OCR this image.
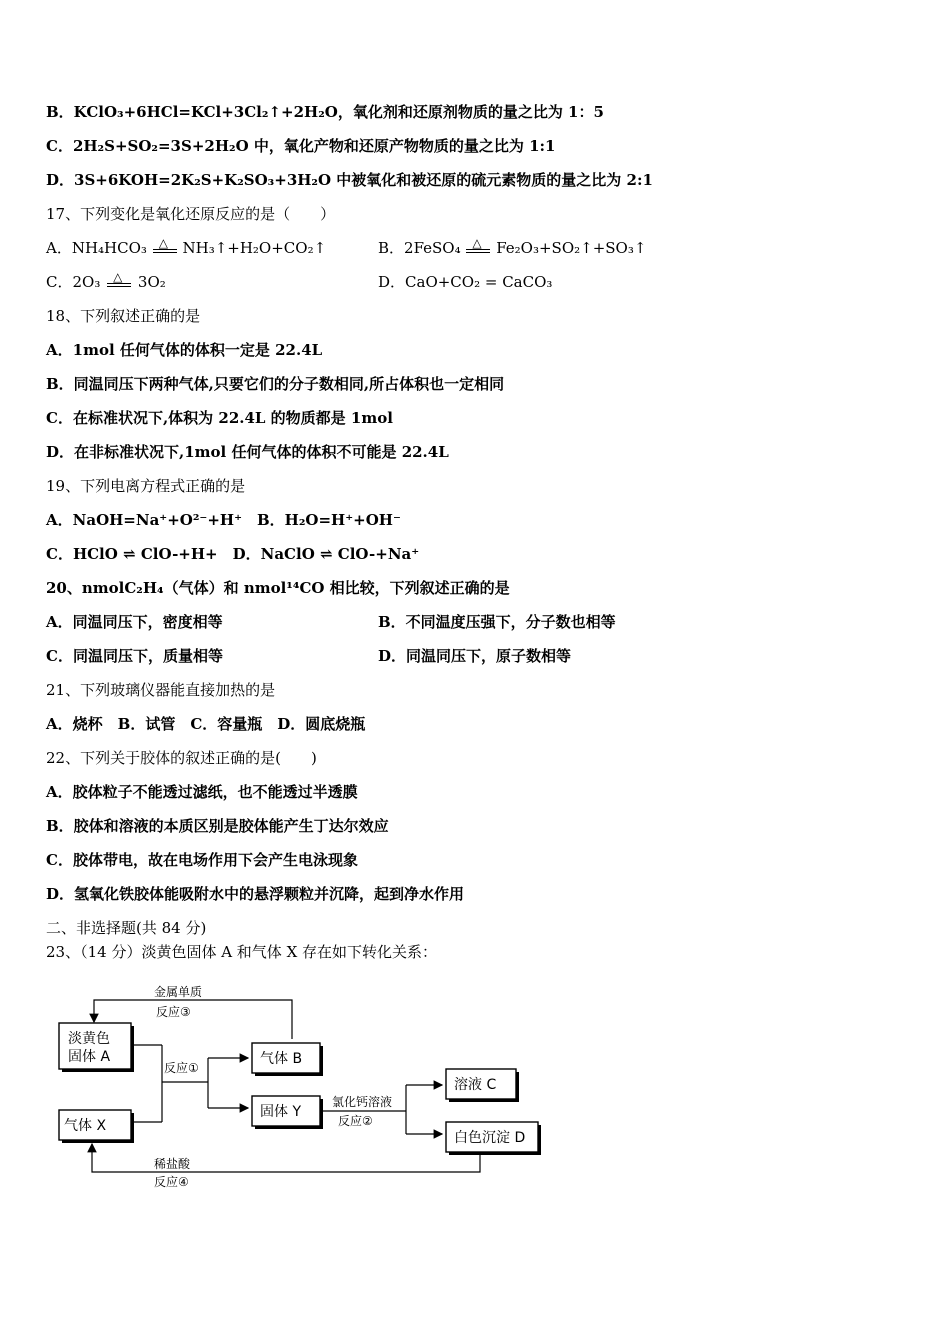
B．KClO₃+6HCl=KCl+3Cl₂↑+2H₂O，氧化剂和还原剂物质的量之比为 1：5
C．2H₂S+SO₂=3S+2H₂O 中，氧化产物和还原产物物质的量之比为 1:1
D．3S+6KOH=2K₂S+K₂SO₃+3H₂O 中被氧化和被还原的硫元素物质的量之比为 2:1
17、下列变化是氧化还原反应的是（　　）
A．NH₄HCO₃ △ NH₃↑+H₂O+CO₂↑	B．2FeSO₄ △ Fe₂O₃+SO₂↑+SO₃↑
C．2O₃ △ 3O₂	D．CaO+CO₂ = CaCO₃
18、下列叙述正确的是
A．1mol 任何气体的体积一定是 22.4L
B．同温同压下两种气体,只要它们的分子数相同,所占体积也一定相同
C．在标准状况下,体积为 22.4L 的物质都是 1mol
D．在非标准状况下,1mol 任何气体的体积不可能是 22.4L
19、下列电离方程式正确的是
A．NaOH=Na⁺+O²⁻+H⁺　B．H₂O=H⁺+OH⁻
C．HClO ⇌ ClO-+H+　D．NaClO ⇌ ClO-+Na⁺
20、nmolC₂H₄（气体）和 nmol¹⁴CO 相比较，下列叙述正确的是
A．同温同压下，密度相等	B．不同温度压强下，分子数也相等
C．同温同压下，质量相等	D．同温同压下，原子数相等
21、下列玻璃仪器能直接加热的是
A．烧杯　B．试管　C．容量瓶　D．圆底烧瓶
22、下列关于胶体的叙述正确的是(　　)
A．胶体粒子不能透过滤纸，也不能透过半透膜
B．胶体和溶液的本质区别是胶体能产生丁达尔效应
C．胶体带电，故在电场作用下会产生电泳现象
D．氢氧化铁胶体能吸附水中的悬浮颗粒并沉降，起到净水作用
二、非选择题(共 84 分)
23、（14 分）淡黄色固体 A 和气体 X 存在如下转化关系：
金属单质
反应③
淡黄色
固体 A
气体 X
反应①
气体 B
固体 Y
氯化钙溶液
反应②
溶液 C
白色沉淀 D
稀盐酸
反应④
